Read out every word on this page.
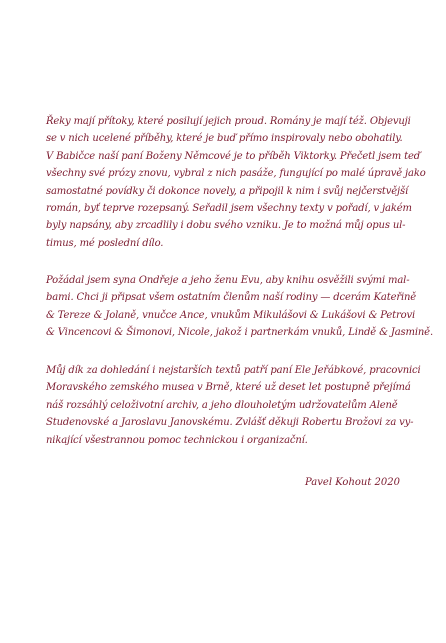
Řeky mají přítoky, které posilují jejich proud. Romány je mají též. Objevuji
se v nich ucelené příběhy, které je buď přímo inspirovaly nebo obohatily.
V Babičce naší paní Boženy Němcové je to příběh Viktorky. Přečetl jsem teď
všechny své prózy znovu, vybral z nich pasáže, fungující po malé úpravě jako
samostatné povídky či dokonce novely, a připojil k nim i svůj nejčerstvější
román, byť teprve rozepsaný. Seřadil jsem všechny texty v pořadí, v jakém
byly napsány, aby zrcadlily i dobu svého vzniku. Je to možná můj opus ul-
timus, mé poslední dílo.
Požádal jsem syna Ondřeje a jeho ženu Evu, aby knihu osvěžili svými mal-
bami. Chci ji připsat všem ostatním členům naší rodiny — dcerám Kateřině
& Tereze & Jolaně, vnučce Ance, vnukům Mikulášovi & Lukášovi & Petrovi
& Vincencovi & Šimonovi, Nicole, jakož i partnerkám vnuků, Lindě & Jasmině.
Můj dík za dohledání i nejstarších textů patří paní Ele Jeřábkové, pracovnici
Moravského zemského musea v Brně, které už deset let postupně přejímá
náš rozsáhlý celoživotní archiv, a jeho dlouholetým udržovatelům Aleně
Studenovské a Jaroslavu Janovskému. Zvlášť děkuji Robertu Brožovi za vy-
nikající všestrannou pomoc technickou i organizační.
Pavel Kohout 2020
